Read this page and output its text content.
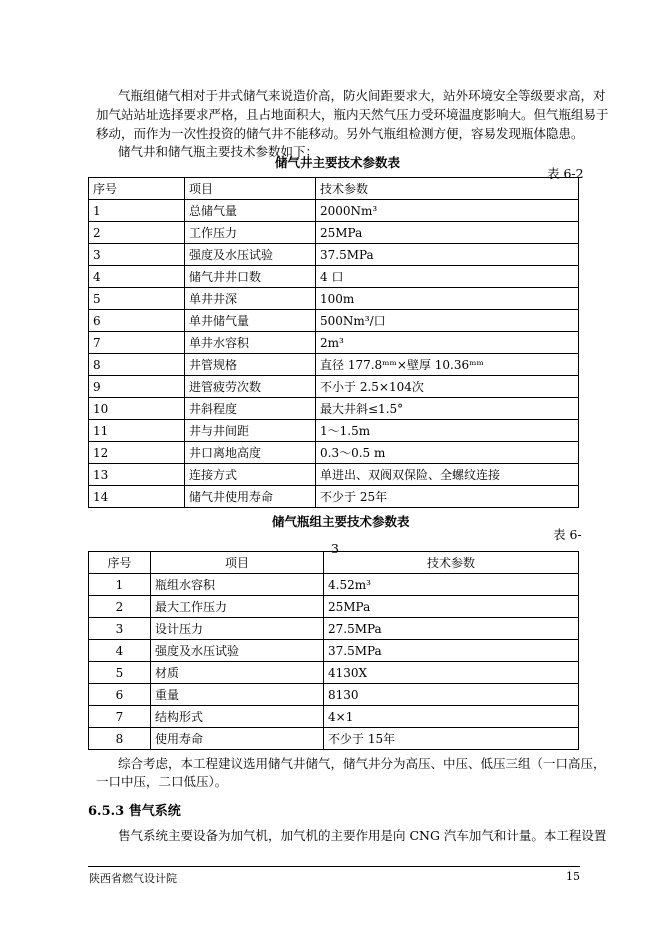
气瓶组储气相对于井式储气来说造价高，防火间距要求大，站外环境安全等级要求高，对
加气站站址选择要求严格，且占地面积大，瓶内天然气压力受环境温度影响大。但气瓶组易于
移动，而作为一次性投资的储气井不能移动。另外气瓶组检测方便，容易发现瓶体隐患。
储气井和储气瓶主要技术参数如下：
储气井主要技术参数表
表 6-2
序号	项目	技术参数
1	总储气量	2000Nm³
2	工作压力	25MPa
3	强度及水压试验	37.5MPa
4	储气井井口数	4 口
5	单井井深	100m
6	单井储气量	500Nm³/口
7	单井水容积	2m³
8	井管规格	直径 177.8ᵐᵐ×壁厚 10.36ᵐᵐ
9	进管疲劳次数	不小于 2.5×104次
10	井斜程度	最大井斜≤1.5°
11	井与井间距	1～1.5m
12	井口离地高度	0.3～0.5 m
13	连接方式	单进出、双阀双保险、全螺纹连接
14	储气井使用寿命	不少于 25年
储气瓶组主要技术参数表
表 6-
3
序号	项目	技术参数
1	瓶组水容积	4.52m³
2	最大工作压力	25MPa
3	设计压力	27.5MPa
4	强度及水压试验	37.5MPa
5	材质	4130X
6	重量	8130
7	结构形式	4×1
8	使用寿命	不少于 15年
综合考虑，本工程建议选用储气井储气，储气井分为高压、中压、低压三组（一口高压，
一口中压，二口低压）。
6.5.3 售气系统
售气系统主要设备为加气机，加气机的主要作用是向 CNG 汽车加气和计量。本工程设置
陕西省燃气设计院	15
